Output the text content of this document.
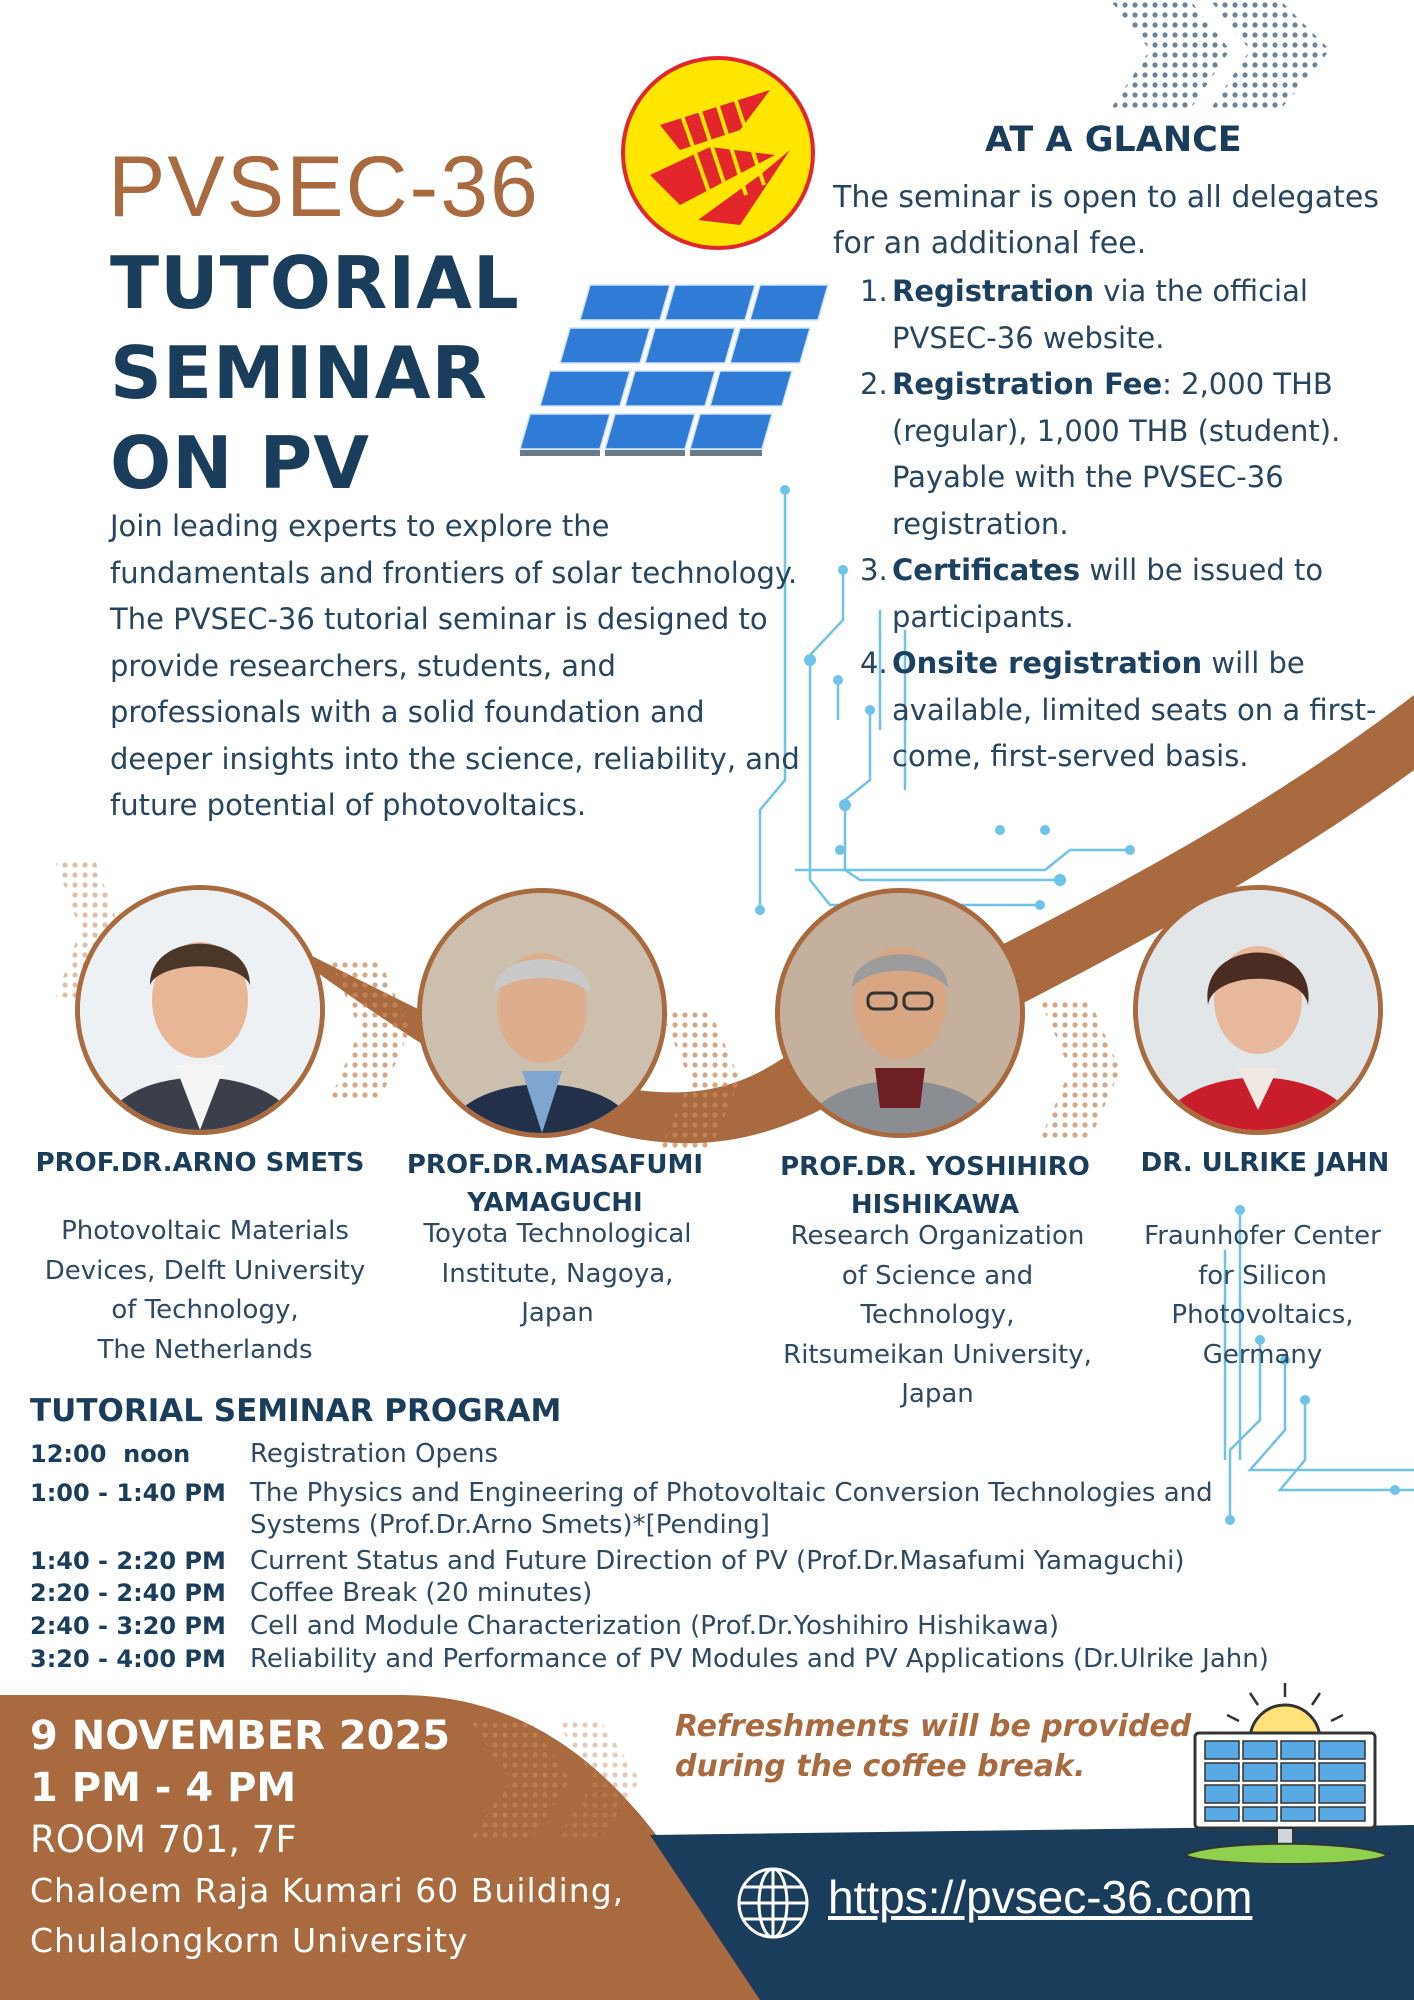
PVSEC-36
TUTORIAL
SEMINAR
ON PV
Join leading experts to explore the fundamentals and frontiers of solar technology. The PVSEC-36 tutorial seminar is designed to provide researchers, students, and professionals with a solid foundation and deeper insights into the science, reliability, and future potential of photovoltaics.
AT A GLANCE
The seminar is open to all delegates for an additional fee.
1. Registration via the official PVSEC-36 website.
2. Registration Fee: 2,000 THB (regular), 1,000 THB (student). Payable with the PVSEC-36 registration.
3. Certificates will be issued to participants.
4. Onsite registration will be available, limited seats on a first-come, first-served basis.
PROF.DR.ARNO SMETS
Photovoltaic Materials
Devices, Delft University
of Technology,
The Netherlands
PROF.DR.MASAFUMI YAMAGUCHI
Toyota Technological
Institute, Nagoya,
Japan
PROF.DR. YOSHIHIRO HISHIKAWA
Research Organization
of Science and
Technology,
Ritsumeikan University,
Japan
DR. ULRIKE JAHN
Fraunhofer Center
for Silicon
Photovoltaics,
Germany
TUTORIAL SEMINAR PROGRAM
12:00  noon	Registration Opens
1:00 - 1:40 PM The Physics and Engineering of Photovoltaic Conversion Technologies and Systems (Prof.Dr.Arno Smets)*[Pending]
1:40 - 2:20 PM Current Status and Future Direction of PV (Prof.Dr.Masafumi Yamaguchi)
2:20 - 2:40 PM Coffee Break (20 minutes)
2:40 - 3:20 PM Cell and Module Characterization (Prof.Dr.Yoshihiro Hishikawa)
3:20 - 4:00 PM Reliability and Performance of PV Modules and PV Applications (Dr.Ulrike Jahn)
9 NOVEMBER 2025
1 PM - 4 PM
ROOM 701, 7F
Chaloem Raja Kumari 60 Building,
Chulalongkorn University
Refreshments will be provided
during the coffee break.
https://pvsec-36.com
